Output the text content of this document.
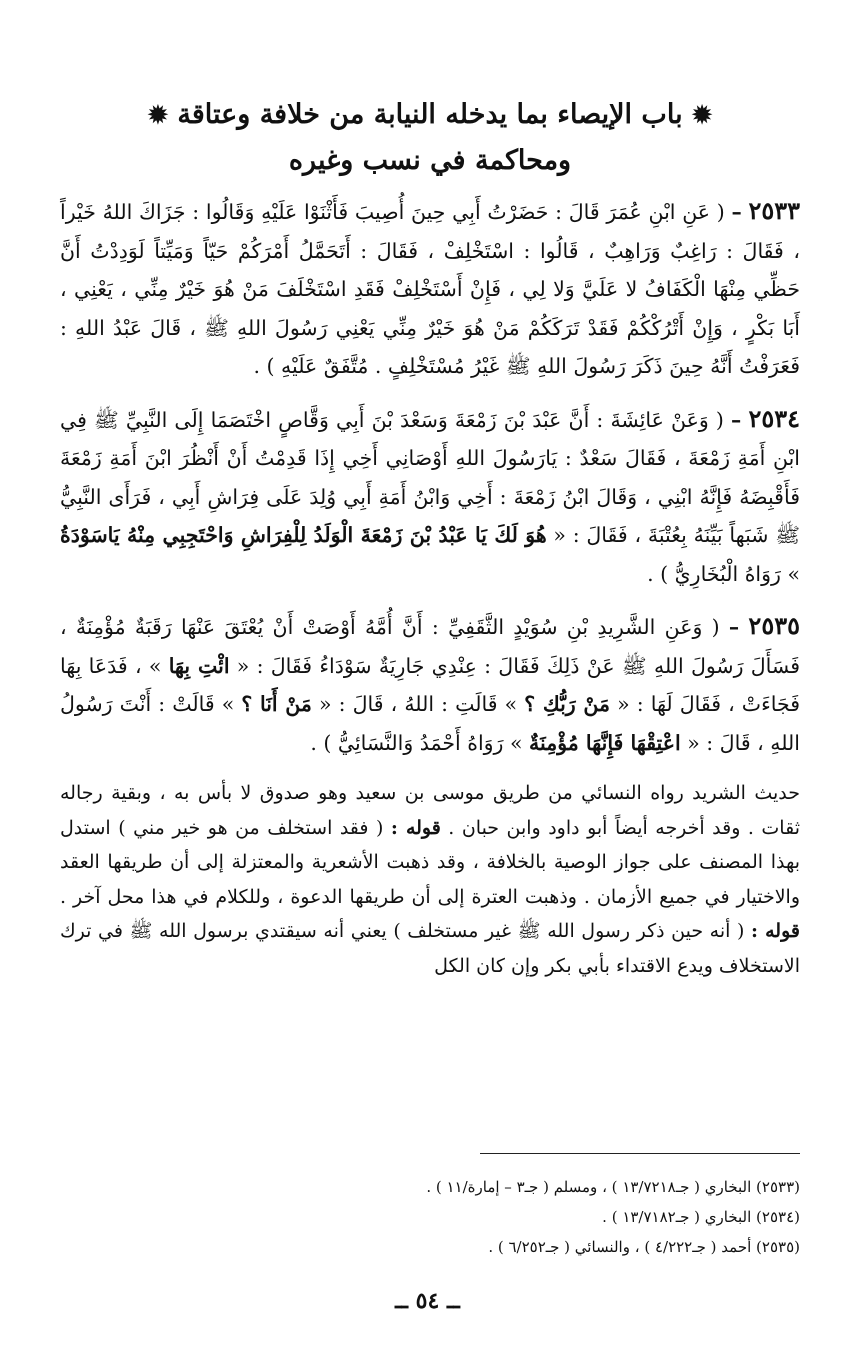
✹ باب الإيصاء بما يدخله النيابة من خلافة وعتاقة ✹
ومحاكمة في نسب وغيره

٢٥٣٣ – ( عَنِ ابْنِ عُمَرَ قَالَ : حَضَرْتُ أَبِي حِينَ أُصِيبَ فَأَثْنَوْا عَلَيْهِ وَقَالُوا : جَزَاكَ اللهُ خَيْراً ، فَقَالَ : رَاغِبٌ وَرَاهِبٌ ، قَالُوا : اسْتَخْلِفْ ، فَقَالَ : أَتَحَمَّلُ أَمْرَكُمْ حَيّاً وَمَيِّتاً لَوَدِدْتُ أَنَّ حَظِّي مِنْهَا الْكَفَافُ لا عَلَيَّ وَلا لِي ، فَإِنْ أَسْتَخْلِفْ فَقَدِ اسْتَخْلَفَ مَنْ هُوَ خَيْرٌ مِنِّي ، يَعْنِي ، أَبَا بَكْرٍ ، وَإِنْ أَتْرُكْكُمْ فَقَدْ تَرَكَكُمْ مَنْ هُوَ خَيْرٌ مِنِّي يَعْنِي رَسُولَ اللهِ ﷺ ، قَالَ عَبْدُ اللهِ : فَعَرَفْتُ أَنَّهُ حِينَ ذَكَرَ رَسُولَ اللهِ ﷺ غَيْرُ مُسْتَخْلِفٍ . مُتَّفَقٌ عَلَيْهِ ) .

٢٥٣٤ – ( وَعَنْ عَائِشَةَ : أَنَّ عَبْدَ بْنَ زَمْعَةَ وَسَعْدَ بْنَ أَبِي وَقَّاصٍ اخْتَصَمَا إِلَى النَّبِيِّ ﷺ فِي ابْنِ أَمَةِ زَمْعَةَ ، فَقَالَ سَعْدٌ : يَارَسُولَ اللهِ أَوْصَانِي أَخِي إِذَا قَدِمْتُ أَنْ أَنْظُرَ ابْنَ أَمَةِ زَمْعَةَ فَأَقْبِضَهُ فَإِنَّهُ ابْنِي ، وَقَالَ ابْنُ زَمْعَةَ : أَخِي وَابْنُ أَمَةِ أَبِي وُلِدَ عَلَى فِرَاشِ أَبِي ، فَرَأَى النَّبِيُّ ﷺ شَبَهاً بَيِّنَهُ بِعُتْبَةَ ، فَقَالَ : « هُوَ لَكَ يَا عَبْدُ بْنَ زَمْعَةَ الْوَلَدُ لِلْفِرَاشِ وَاحْتَجِبِي مِنْهُ يَاسَوْدَةُ » رَوَاهُ الْبُخَارِيُّ ) .

٢٥٣٥ – ( وَعَنِ الشَّرِيدِ بْنِ سُوَيْدٍ الثَّقَفِيِّ : أَنَّ أُمَّهُ أَوْصَتْ أَنْ يُعْتَقَ عَنْهَا رَقَبَةٌ مُؤْمِنَةٌ ، فَسَأَلَ رَسُولَ اللهِ ﷺ عَنْ ذَلِكَ فَقَالَ : عِنْدِي جَارِيَةٌ سَوْدَاءُ فَقَالَ : « ائْتِ بِهَا » ، فَدَعَا بِهَا فَجَاءَتْ ، فَقَالَ لَهَا : « مَنْ رَبُّكِ ؟ » قَالَتِ : اللهُ ، قَالَ : « مَنْ أَنَا ؟ » قَالَتْ : أَنْتَ رَسُولُ اللهِ ، قَالَ : « اعْتِقْهَا فَإِنَّهَا مُؤْمِنَةٌ » رَوَاهُ أَحْمَدُ وَالنَّسَائِيُّ ) .

حديث الشريد رواه النسائي من طريق موسى بن سعيد وهو صدوق لا بأس به ، وبقية رجاله ثقات . وقد أخرجه أيضاً أبو داود وابن حبان . قوله : ( فقد استخلف من هو خير مني ) استدل بهذا المصنف على جواز الوصية بالخلافة ، وقد ذهبت الأشعرية والمعتزلة إلى أن طريقها العقد والاختيار في جميع الأزمان . وذهبت العترة إلى أن طريقها الدعوة ، وللكلام في هذا محل آخر . قوله : ( أنه حين ذكر رسول الله ﷺ غير مستخلف ) يعني أنه سيقتدي برسول الله ﷺ في ترك الاستخلاف ويدع الاقتداء بأبي بكر وإن كان الكل

(٢٥٣٣) البخاري ( جـ١٣/٧٢١٨ ) ، ومسلم ( جـ٣ – إمارة/١١ ) .
(٢٥٣٤) البخاري ( جـ١٣/٧١٨٢ ) .
(٢٥٣٥) أحمد ( جـ٤/٢٢٢ ) ، والنسائي ( جـ٦/٢٥٢ ) .
ــ ٥٤ ــ
